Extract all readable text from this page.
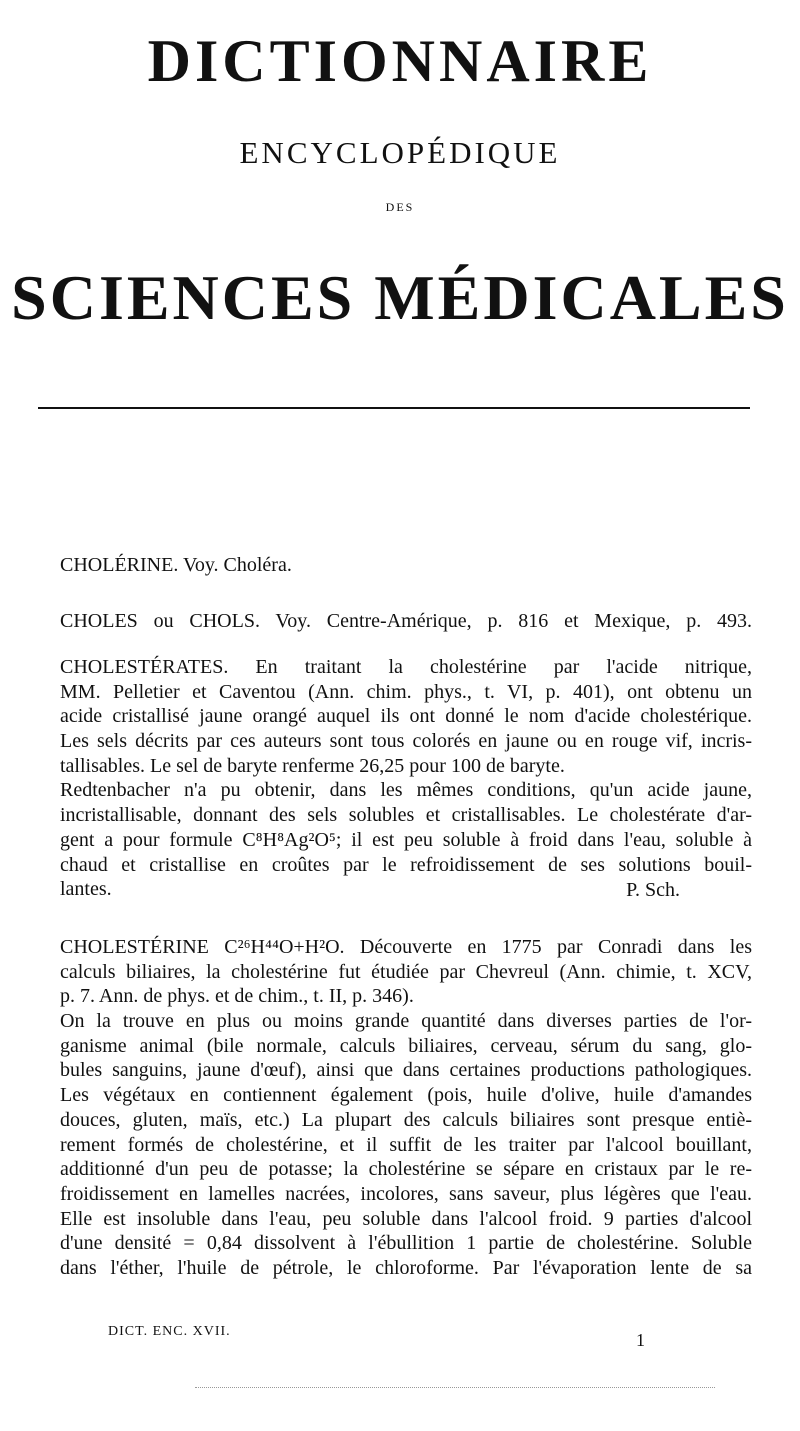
DICTIONNAIRE
ENCYCLOPÉDIQUE
DES
SCIENCES MÉDICALES
CHOLÉRINE. Voy. Choléra.
CHOLES ou CHOLS. Voy. Centre-Amérique, p. 816 et Mexique, p. 493.
CHOLESTÉRATES. En traitant la cholestérine par l'acide nitrique,
MM. Pelletier et Caventou (Ann. chim. phys., t. VI, p. 401), ont obtenu un
acide cristallisé jaune orangé auquel ils ont donné le nom d'acide cholestérique.
Les sels décrits par ces auteurs sont tous colorés en jaune ou en rouge vif, incris-
tallisables. Le sel de baryte renferme 26,25 pour 100 de baryte.
Redtenbacher n'a pu obtenir, dans les mêmes conditions, qu'un acide jaune,
incristallisable, donnant des sels solubles et cristallisables. Le cholestérate d'ar-
gent a pour formule C⁸H⁸Ag²O⁵; il est peu soluble à froid dans l'eau, soluble à
chaud et cristallise en croûtes par le refroidissement de ses solutions bouil-
lantes.	P. Sch.
CHOLESTÉRINE C²⁶H⁴⁴O+H²O. Découverte en 1775 par Conradi dans les
calculs biliaires, la cholestérine fut étudiée par Chevreul (Ann. chimie, t. XCV,
p. 7. Ann. de phys. et de chim., t. II, p. 346).
On la trouve en plus ou moins grande quantité dans diverses parties de l'or-
ganisme animal (bile normale, calculs biliaires, cerveau, sérum du sang, glo-
bules sanguins, jaune d'œuf), ainsi que dans certaines productions pathologiques.
Les végétaux en contiennent également (pois, huile d'olive, huile d'amandes
douces, gluten, maïs, etc.) La plupart des calculs biliaires sont presque entiè-
rement formés de cholestérine, et il suffit de les traiter par l'alcool bouillant,
additionné d'un peu de potasse; la cholestérine se sépare en cristaux par le re-
froidissement en lamelles nacrées, incolores, sans saveur, plus légères que l'eau.
Elle est insoluble dans l'eau, peu soluble dans l'alcool froid. 9 parties d'alcool
d'une densité = 0,84 dissolvent à l'ébullition 1 partie de cholestérine. Soluble
dans l'éther, l'huile de pétrole, le chloroforme. Par l'évaporation lente de sa
DICT. ENC. XVII.	1
